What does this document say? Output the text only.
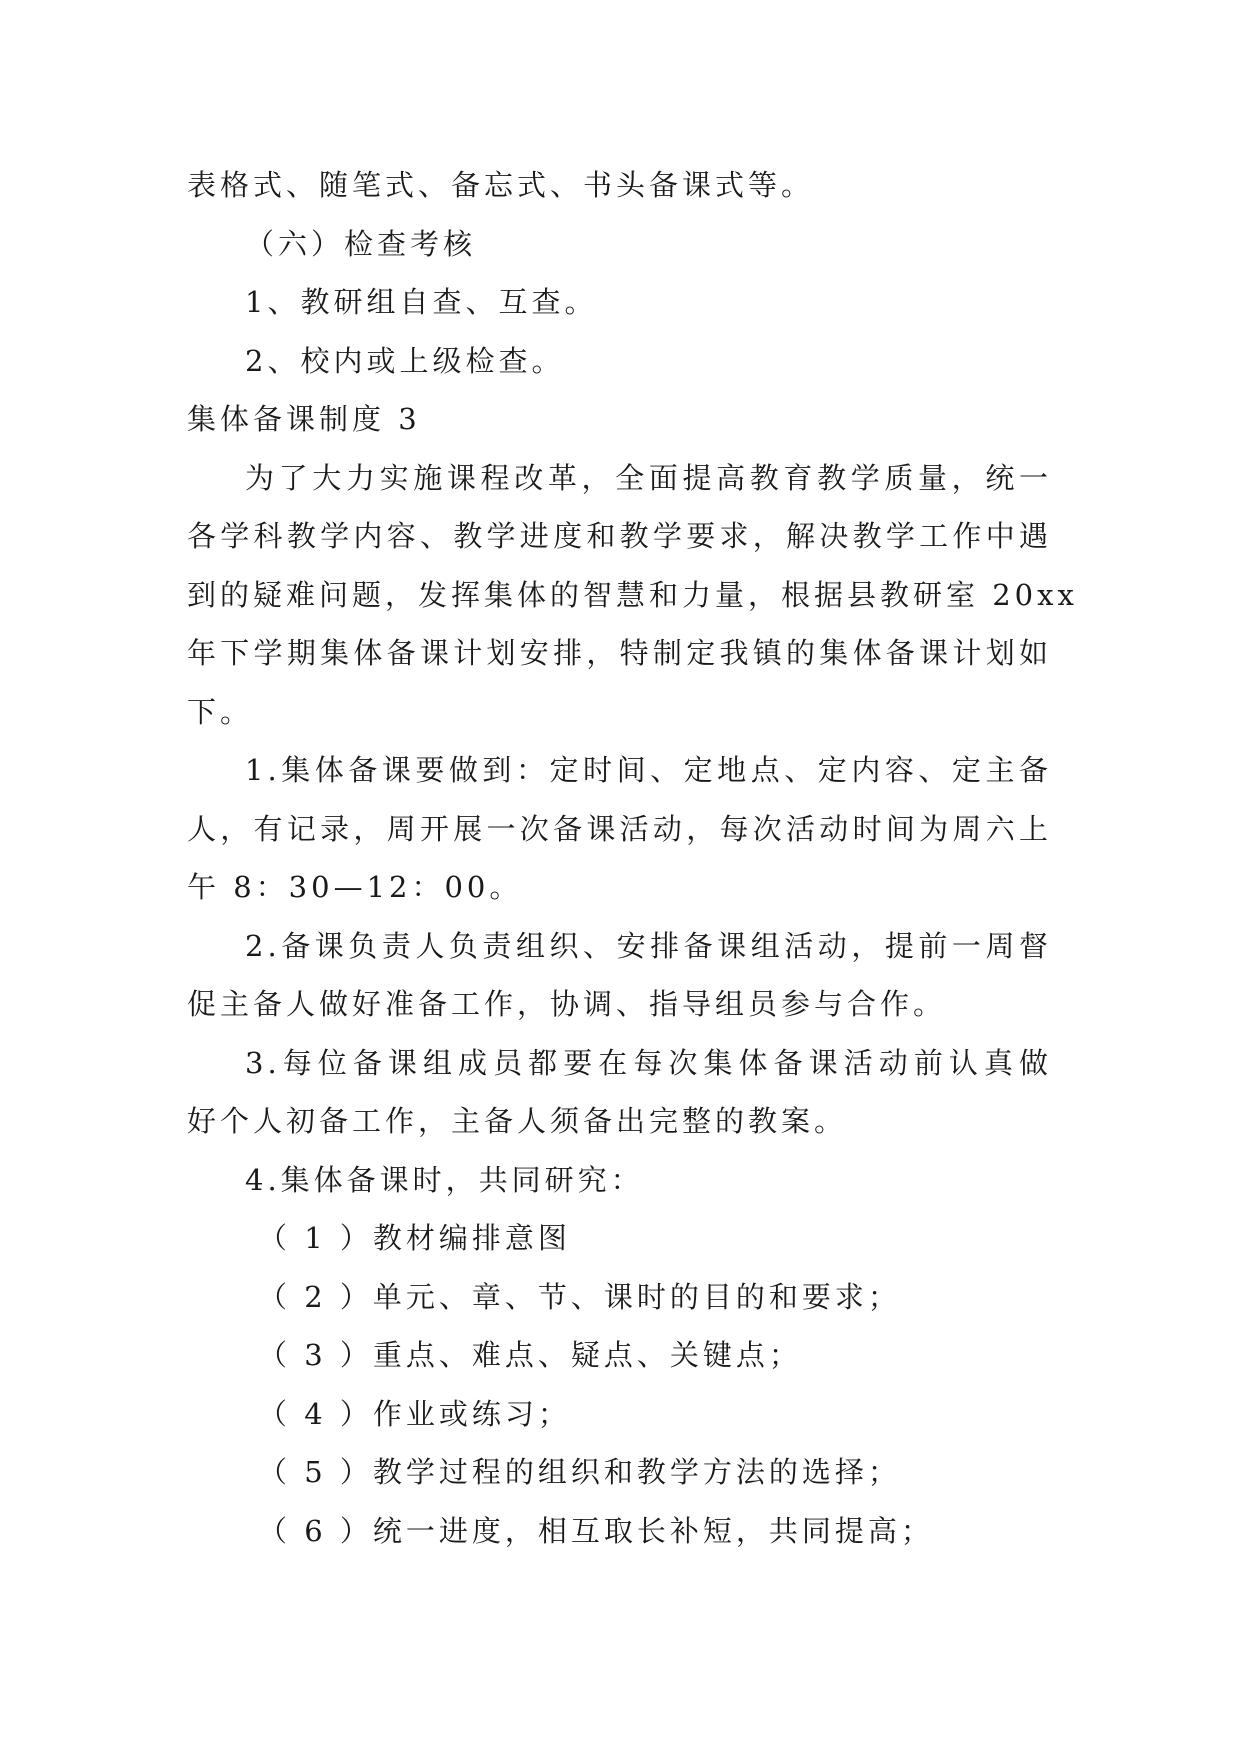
表格式、随笔式、备忘式、书头备课式等。
（六）检查考核
1、教研组自查、互查。
2、校内或上级检查。
集体备课制度 3
为了大力实施课程改革，全面提高教育教学质量，统一
各学科教学内容、教学进度和教学要求，解决教学工作中遇
到的疑难问题，发挥集体的智慧和力量，根据县教研室 20xx
年下学期集体备课计划安排，特制定我镇的集体备课计划如
下。
1.集体备课要做到：定时间、定地点、定内容、定主备
人，有记录，周开展一次备课活动，每次活动时间为周六上
午 8：30—12：00。
2.备课负责人负责组织、安排备课组活动，提前一周督
促主备人做好准备工作，协调、指导组员参与合作。
3.每位备课组成员都要在每次集体备课活动前认真做
好个人初备工作，主备人须备出完整的教案。
4.集体备课时，共同研究：
（ 1 ）教材编排意图
（ 2 ）单元、章、节、课时的目的和要求；
（ 3 ）重点、难点、疑点、关键点；
（ 4 ）作业或练习；
（ 5 ）教学过程的组织和教学方法的选择；
（ 6 ）统一进度，相互取长补短，共同提高；
